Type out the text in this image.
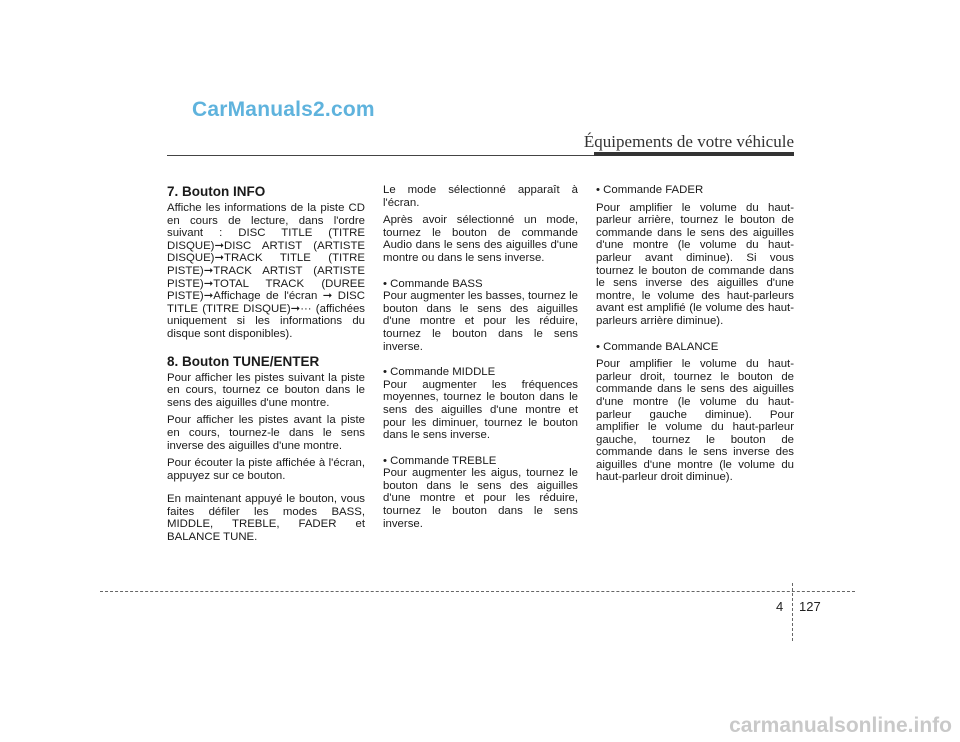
CarManuals2.com
Équipements de votre véhicule
7. Bouton INFO

Affiche les informations de la piste CD en cours de lecture, dans l'ordre suivant : DISC TITLE (TITRE DISQUE)➞DISC ARTIST (ARTISTE DISQUE)➞TRACK TITLE (TITRE PISTE)➞TRACK ARTIST (ARTISTE PISTE)➞TOTAL TRACK (DUREE PISTE)➞Affichage de l'écran ➞ DISC TITLE (TITRE DISQUE)➞··· (affichées uniquement si les informations du disque sont disponibles).

8. Bouton TUNE/ENTER

Pour afficher les pistes suivant la piste en cours, tournez ce bouton dans le sens des aiguilles d'une montre.

Pour afficher les pistes avant la piste en cours, tournez-le dans le sens inverse des aiguilles d'une montre.

Pour écouter la piste affichée à l'écran, appuyez sur ce bouton.

En maintenant appuyé le bouton, vous faites défiler les modes BASS, MIDDLE, TREBLE, FADER et BALANCE TUNE.

Le mode sélectionné apparaît à l'écran.

Après avoir sélectionné un mode, tournez le bouton de commande Audio dans le sens des aiguilles d'une montre ou dans le sens inverse.

• Commande BASS

Pour augmenter les basses, tournez le bouton dans le sens des aiguilles d'une montre et pour les réduire, tournez le bouton dans le sens inverse.

• Commande MIDDLE

Pour augmenter les fréquences moyennes, tournez le bouton dans le sens des aiguilles d'une montre et pour les diminuer, tournez le bouton dans le sens inverse.

• Commande TREBLE

Pour augmenter les aigus, tournez le bouton dans le sens des aiguilles d'une montre et pour les réduire, tournez le bouton dans le sens inverse.

• Commande FADER

Pour amplifier le volume du haut-parleur arrière, tournez le bouton de commande dans le sens des aiguilles d'une montre (le volume du haut-parleur avant diminue). Si vous tournez le bouton de commande dans le sens inverse des aiguilles d'une montre, le volume des haut-parleurs avant est amplifié (le volume des haut-parleurs arrière diminue).

• Commande BALANCE

Pour amplifier le volume du haut-parleur droit, tournez le bouton de commande dans le sens des aiguilles d'une montre (le volume du haut-parleur gauche diminue). Pour amplifier le volume du haut-parleur gauche, tournez le bouton de commande dans le sens inverse des aiguilles d'une montre (le volume du haut-parleur droit diminue).

4 127
carmanualsonline.info
